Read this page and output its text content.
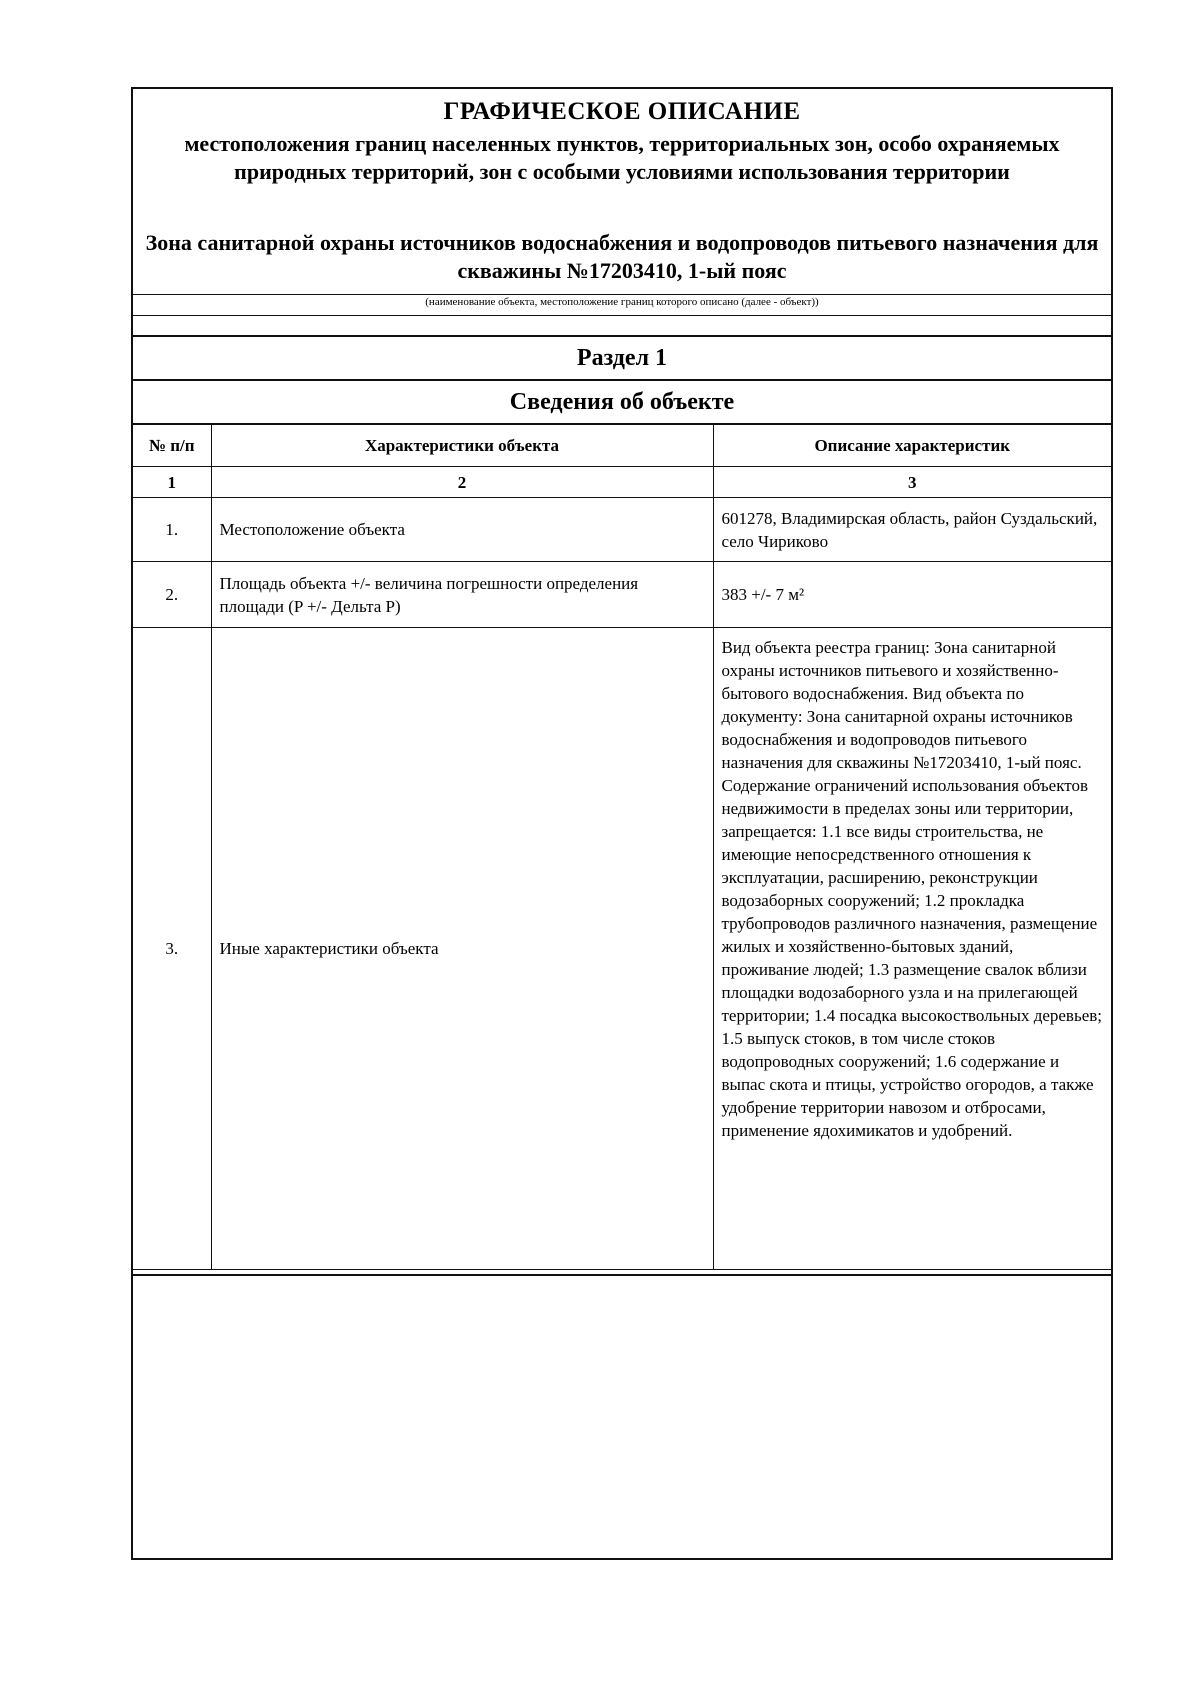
ГРАФИЧЕСКОЕ ОПИСАНИЕ
местоположения границ населенных пунктов, территориальных зон, особо охраняемых природных территорий, зон с особыми условиями использования территории
Зона санитарной охраны источников водоснабжения и водопроводов питьевого назначения для скважины №17203410, 1-ый пояс
(наименование объекта, местоположение границ которого описано (далее - объект))
Раздел 1
Сведения об объекте
№ п/п	Характеристики объекта	Описание характеристик
1	2	3
1.	Местоположение объекта	601278, Владимирская область, район Суздальский, село Чириково
2.	Площадь объекта +/- величина погрешности определения площади (P +/- Дельта P)	383 +/- 7 м²
3.	Иные характеристики объекта	Вид объекта реестра границ: Зона санитарной охраны источников питьевого и хозяйственно-бытового водоснабжения. Вид объекта по документу: Зона санитарной охраны источников водоснабжения и водопроводов питьевого назначения для скважины №17203410, 1-ый пояс. Содержание ограничений использования объектов недвижимости в пределах зоны или территории, запрещается: 1.1 все виды строительства, не имеющие непосредственного отношения к эксплуатации, расширению, реконструкции водозаборных сооружений; 1.2 прокладка трубопроводов различного назначения, размещение жилых и хозяйственно-бытовых зданий, проживание людей; 1.3 размещение свалок вблизи площадки водозаборного узла и на прилегающей территории; 1.4 посадка высокоствольных деревьев; 1.5 выпуск стоков, в том числе стоков водопроводных сооружений; 1.6 содержание и выпас скота и птицы, устройство огородов, а также удобрение территории навозом и отбросами, применение ядохимикатов и удобрений.
